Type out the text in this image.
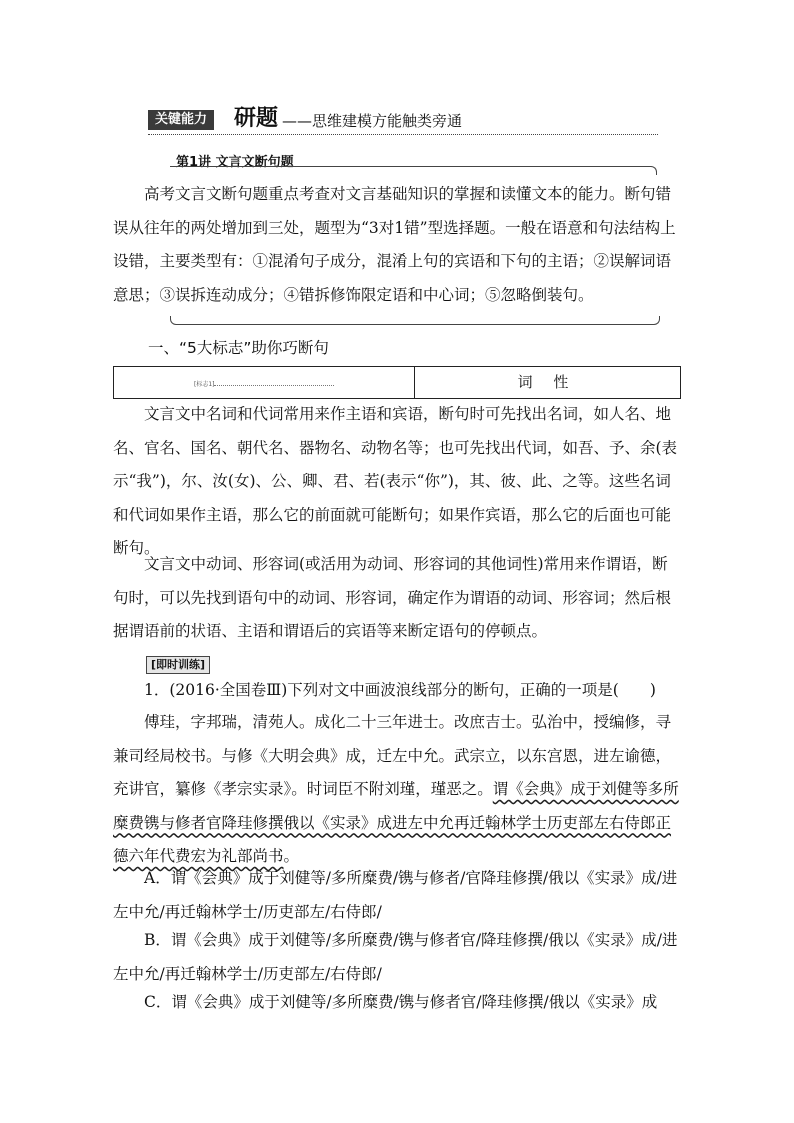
关键能力	研题 ——思维建模方能触类旁通
第1讲 文言文断句题
高考文言文断句题重点考查对文言基础知识的掌握和读懂文本的能力。断句错误从往年的两处增加到三处，题型为“3对1错”型选择题。一般在语意和句法结构上设错，主要类型有：①混淆句子成分，混淆上句的宾语和下句的主语；②误解词语意思；③误拆连动成分；④错拆修饰限定语和中心词；⑤忽略倒装句。
一、“5大标志”助你巧断句
[标志1]	词 性
文言文中名词和代词常用来作主语和宾语，断句时可先找出名词，如人名、地名、官名、国名、朝代名、器物名、动物名等；也可先找出代词，如吾、予、余(表示“我”)，尔、汝(女)、公、卿、君、若(表示“你”)，其、彼、此、之等。这些名词和代词如果作主语，那么它的前面就可能断句；如果作宾语，那么它的后面也可能断句。
文言文中动词、形容词(或活用为动词、形容词的其他词性)常用来作谓语，断句时，可以先找到语句中的动词、形容词，确定作为谓语的动词、形容词；然后根据谓语前的状语、主语和谓语后的宾语等来断定语句的停顿点。
[即时训练]
1．(2016·全国卷Ⅲ)下列对文中画波浪线部分的断句，正确的一项是(　　)
傅珪，字邦瑞，清苑人。成化二十三年进士。改庶吉士。弘治中，授编修，寻兼司经局校书。与修《大明会典》成，迁左中允。武宗立，以东宫恩，进左谕德，充讲官，纂修《孝宗实录》。时词臣不附刘瑾，瑾恶之。谓《会典》成于刘健等多所糜费镌与修者官降珪修撰俄以《实录》成进左中允再迁翰林学士历吏部左右侍郎正德六年代费宏为礼部尚书。
A．谓《会典》成于刘健等/多所糜费/镌与修者/官降珪修撰/俄以《实录》成/进左中允/再迁翰林学士/历吏部左/右侍郎/
B．谓《会典》成于刘健等/多所糜费/镌与修者官/降珪修撰/俄以《实录》成/进左中允/再迁翰林学士/历吏部左/右侍郎/
C．谓《会典》成于刘健等/多所糜费/镌与修者官/降珪修撰/俄以《实录》成
